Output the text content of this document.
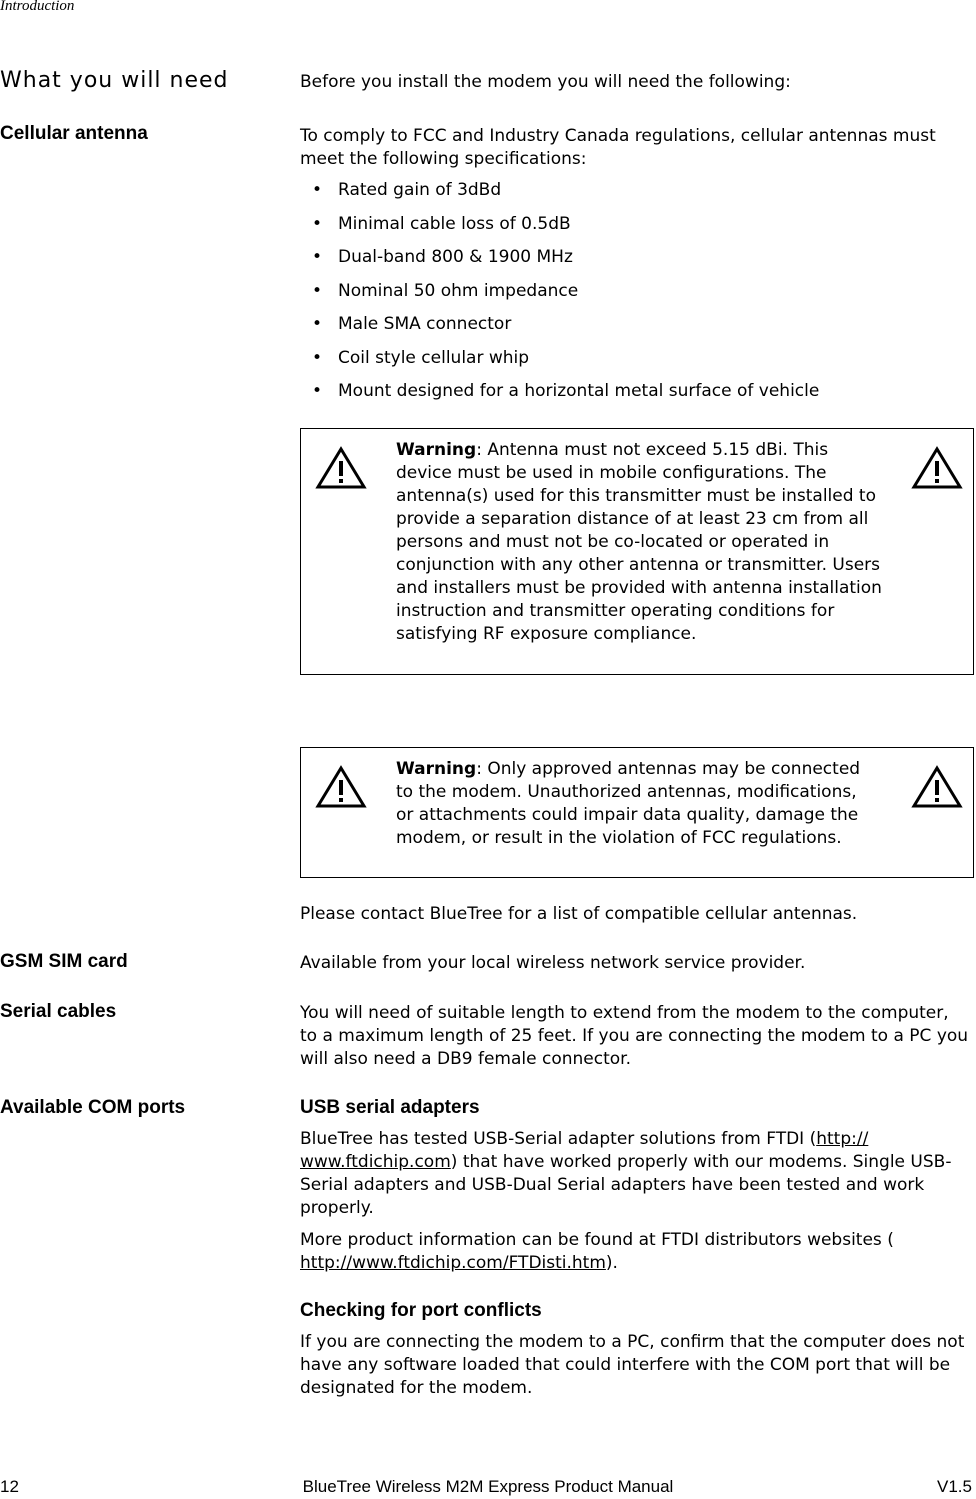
Introduction
What you will need	Before you install the modem you will need the following:
Cellular antenna	To comply to FCC and Industry Canada regulations, cellular antennas must meet the following specifications:
• Rated gain of 3dBd
• Minimal cable loss of 0.5dB
• Dual-band 800 & 1900 MHz
• Nominal 50 ohm impedance
• Male SMA connector
• Coil style cellular whip
• Mount designed for a horizontal metal surface of vehicle
Warning: Antenna must not exceed 5.15 dBi. This device must be used in mobile configurations. The antenna(s) used for this transmitter must be installed to provide a separation distance of at least 23 cm from all persons and must not be co-located or operated in conjunction with any other antenna or transmitter. Users and installers must be provided with antenna installation instruction and transmitter operating conditions for satisfying RF exposure compliance.
Warning: Only approved antennas may be connected to the modem. Unauthorized antennas, modifications, or attachments could impair data quality, damage the modem, or result in the violation of FCC regulations.
Please contact BlueTree for a list of compatible cellular antennas.
GSM SIM card	Available from your local wireless network service provider.
Serial cables	You will need of suitable length to extend from the modem to the computer, to a maximum length of 25 feet. If you are connecting the modem to a PC you will also need a DB9 female connector.
Available COM ports	USB serial adapters
BlueTree has tested USB-Serial adapter solutions from FTDI (http://
www.ftdichip.com) that have worked properly with our modems. Single USB-Serial adapters and USB-Dual Serial adapters have been tested and work properly.
More product information can be found at FTDI distributors websites (
http://www.ftdichip.com/FTDisti.htm).
Checking for port conflicts
If you are connecting the modem to a PC, confirm that the computer does not have any software loaded that could interfere with the COM port that will be designated for the modem.
12	BlueTree Wireless M2M Express Product Manual	V1.5
